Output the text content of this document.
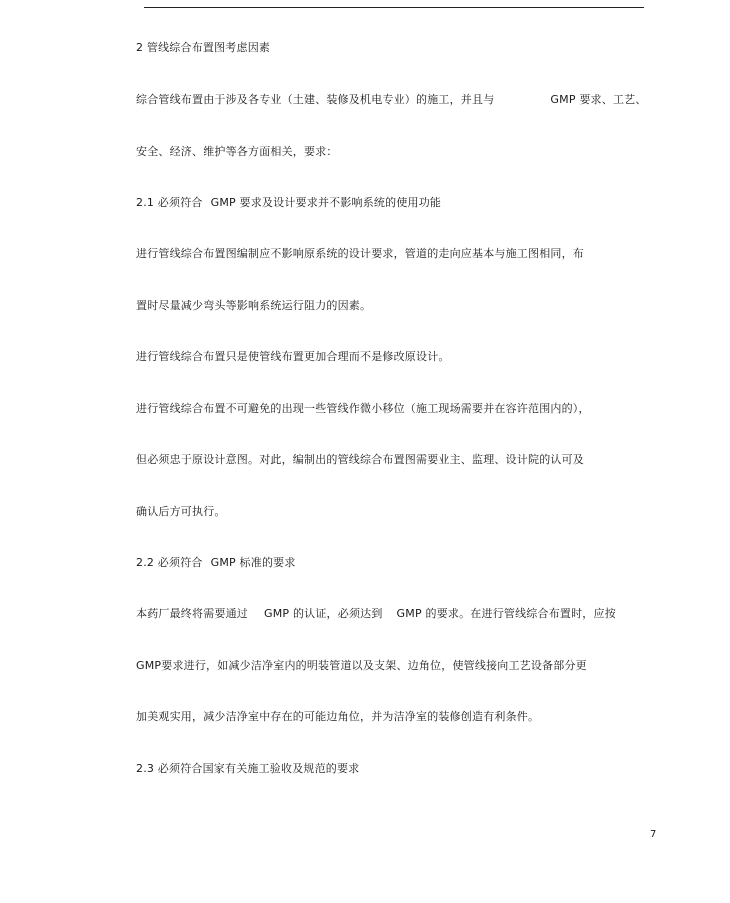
2 管线综合布置图考虑因素
综合管线布置由于涉及各专业（土建、装修及机电专业）的施工，并且与	GMP 要求、工艺、
安全、经济、维护等各方面相关，要求：
2.1 必须符合 GMP 要求及设计要求并不影响系统的使用功能
进行管线综合布置图编制应不影响原系统的设计要求，管道的走向应基本与施工图相同，布
置时尽量减少弯头等影响系统运行阻力的因素。
进行管线综合布置只是使管线布置更加合理而不是修改原设计。
进行管线综合布置不可避免的出现一些管线作微小移位（施工现场需要并在容许范围内的），
但必须忠于原设计意图。对此，编制出的管线综合布置图需要业主、监理、设计院的认可及
确认后方可执行。
2.2 必须符合 GMP 标准的要求
本药厂最终将需要通过 GMP 的认证，必须达到 GMP 的要求。在进行管线综合布置时，应按
GMP要求进行，如减少洁净室内的明装管道以及支架、边角位，使管线接向工艺设备部分更
加美观实用，减少洁净室中存在的可能边角位，并为洁净室的装修创造有利条件。
2.3 必须符合国家有关施工验收及规范的要求
7
